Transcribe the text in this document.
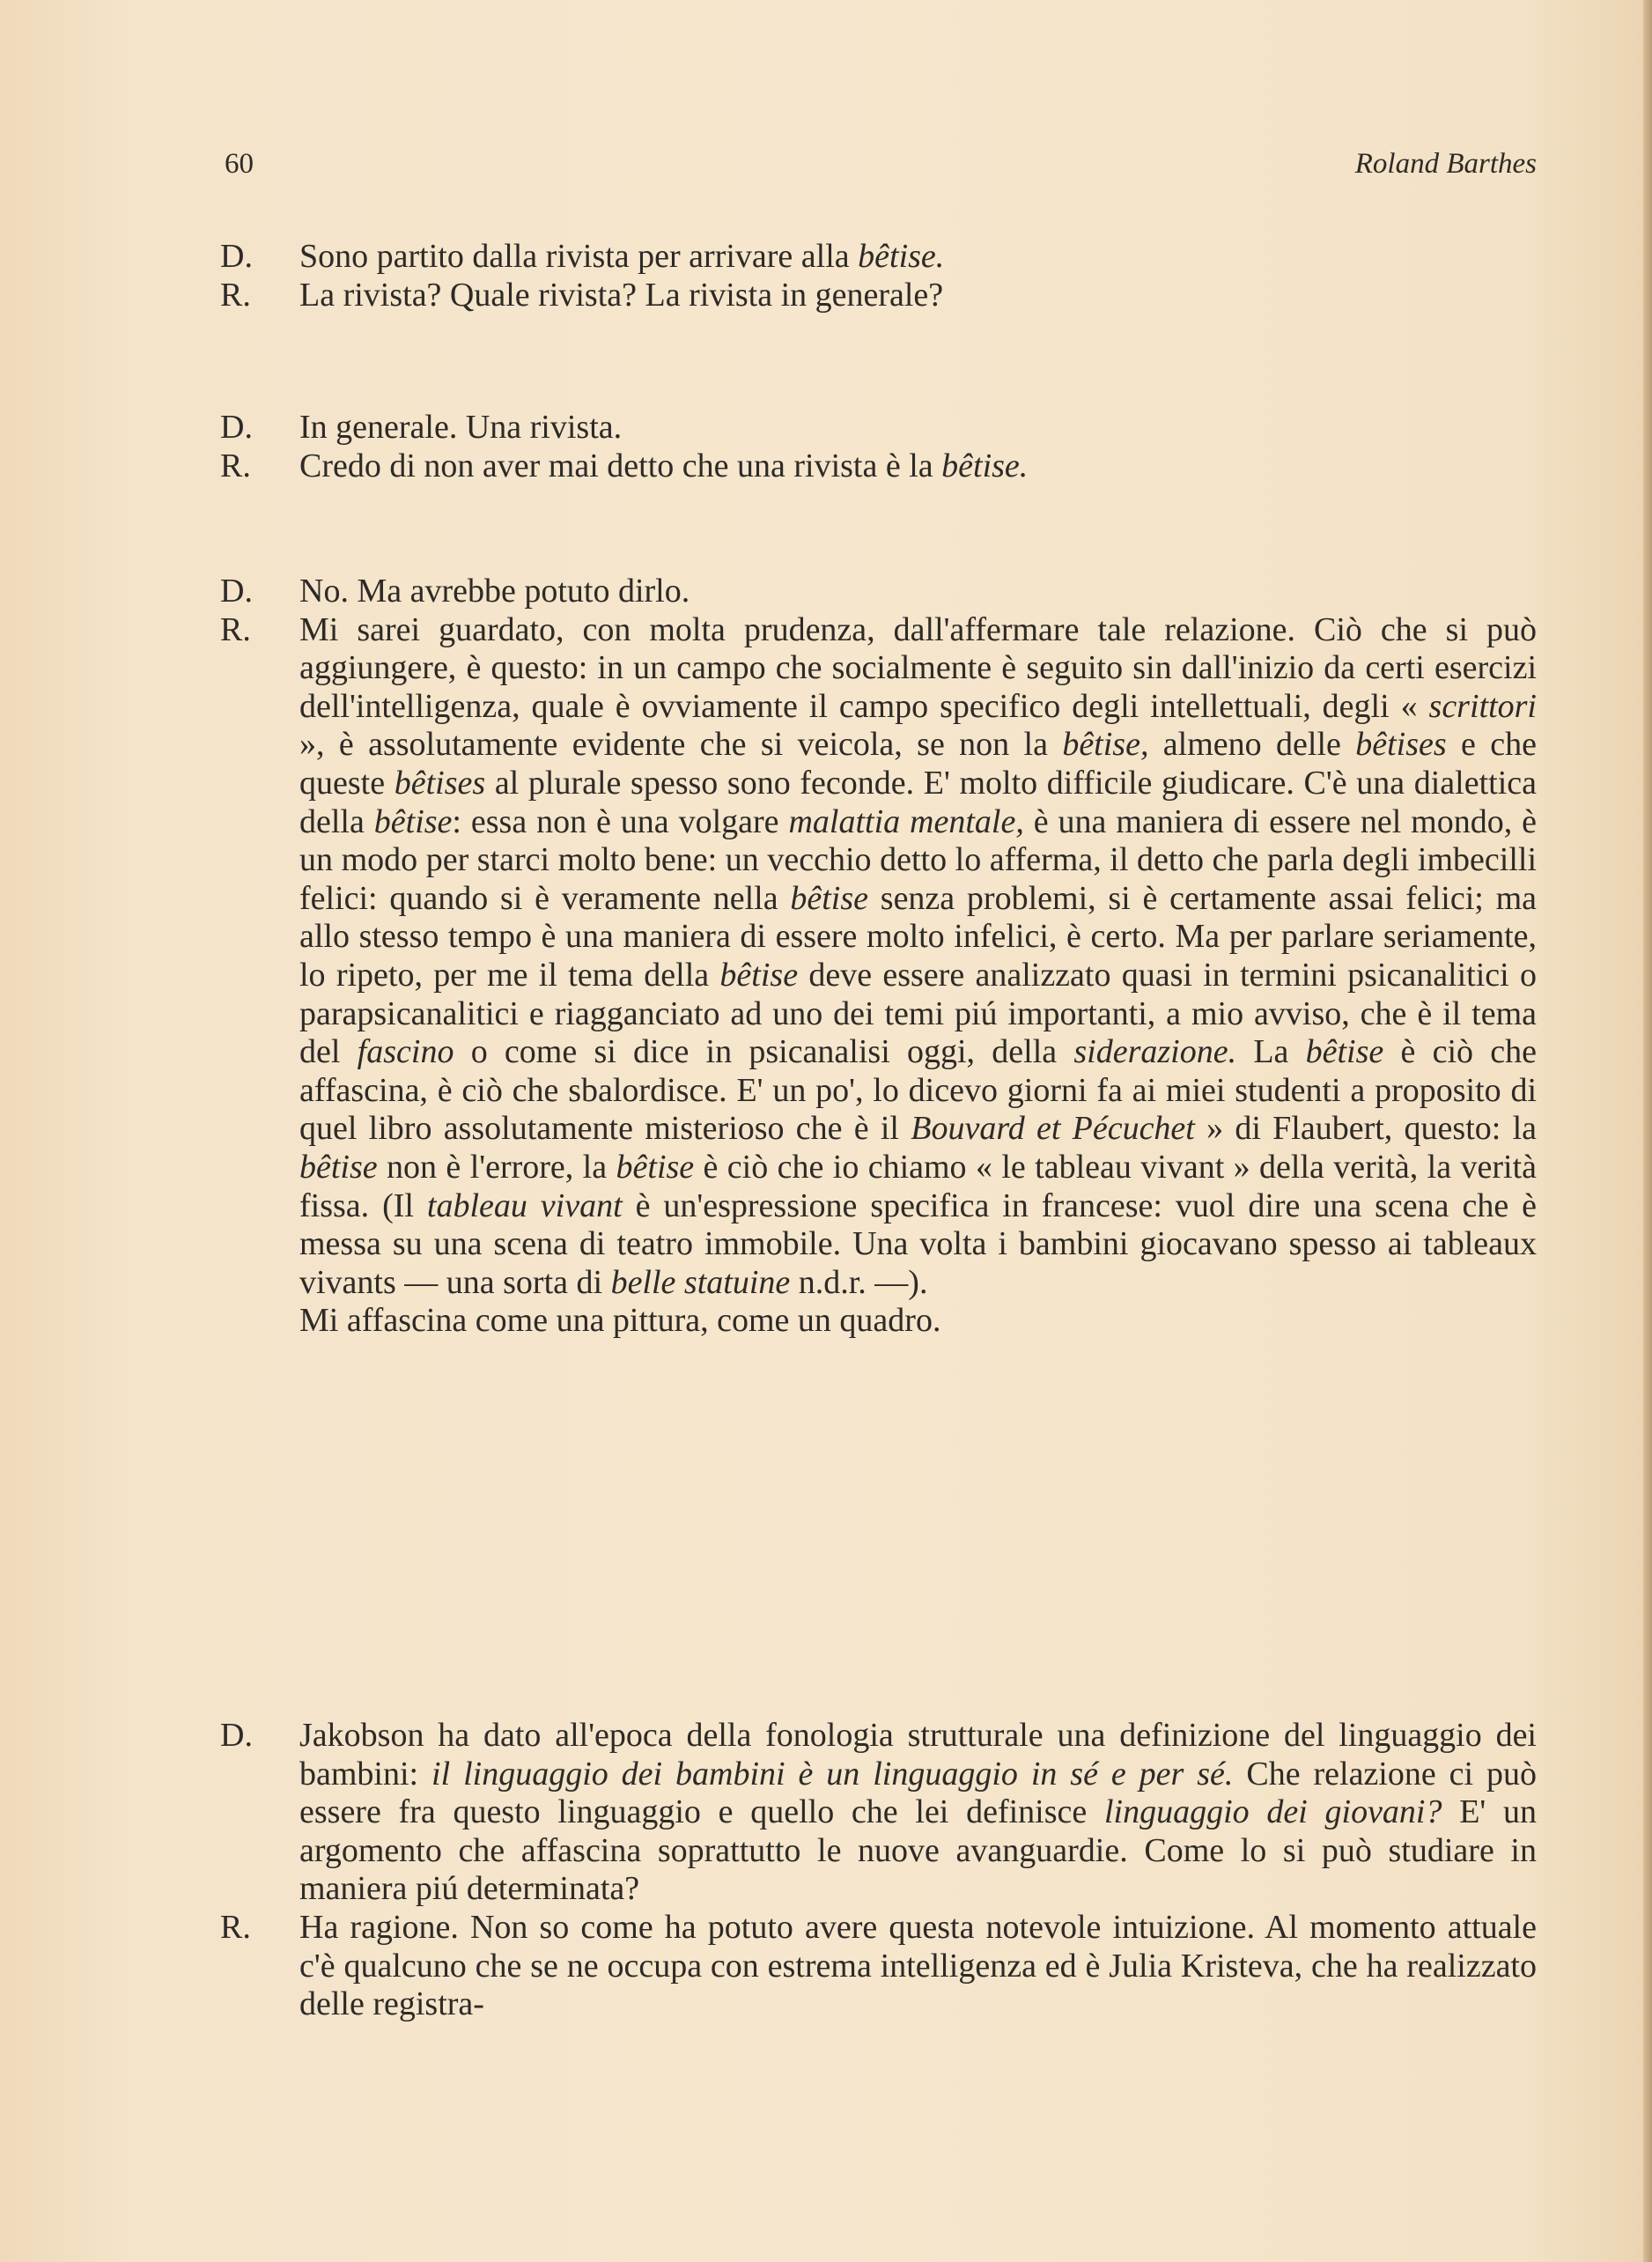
60	Roland Barthes
D.	Sono partito dalla rivista per arrivare alla bêtise.
R.	La rivista? Quale rivista? La rivista in generale?
D.	In generale. Una rivista.
R.	Credo di non aver mai detto che una rivista è la bêtise.
D.	No. Ma avrebbe potuto dirlo.
R.	Mi sarei guardato, con molta prudenza, dall'affermare tale relazione. Ciò che si può aggiungere, è questo: in un campo che socialmente è seguito sin dall'inizio da certi esercizi dell'intelligenza, quale è ovviamente il campo specifico degli intellettuali, degli « scrittori », è assolutamente evidente che si veicola, se non la bêtise, almeno delle bêtises e che queste bêtises al plurale spesso sono feconde. E' molto difficile giudicare. C'è una dialettica della bêtise: essa non è una volgare malattia mentale, è una maniera di essere nel mondo, è un modo per starci molto bene: un vecchio detto lo afferma, il detto che parla degli imbecilli felici: quando si è veramente nella bêtise senza problemi, si è certamente assai felici; ma allo stesso tempo è una maniera di essere molto infelici, è certo. Ma per parlare seriamente, lo ripeto, per me il tema della bêtise deve essere analizzato quasi in termini psicanalitici o parapsicanalitici e riagganciato ad uno dei temi piú importanti, a mio avviso, che è il tema del fascino o come si dice in psicanalisi oggi, della siderazione. La bêtise è ciò che affascina, è ciò che sbalordisce. E' un po', lo dicevo giorni fa ai miei studenti a proposito di quel libro assolutamente misterioso che è il Bouvard et Pécuchet » di Flaubert, questo: la bêtise non è l'errore, la bêtise è ciò che io chiamo « le tableau vivant » della verità, la verità fissa. (Il tableau vivant è un'espressione specifica in francese: vuol dire una scena che è messa su una scena di teatro immobile. Una volta i bambini giocavano spesso ai tableaux vivants — una sorta di belle statuine n.d.r. —).
Mi affascina come una pittura, come un quadro.
D.	Jakobson ha dato all'epoca della fonologia strutturale una definizione del linguaggio dei bambini: il linguaggio dei bambini è un linguaggio in sé e per sé. Che relazione ci può essere fra questo linguaggio e quello che lei definisce linguaggio dei giovani? E' un argomento che affascina soprattutto le nuove avanguardie. Come lo si può studiare in maniera piú determinata?
R.	Ha ragione. Non so come ha potuto avere questa notevole intuizione. Al momento attuale c'è qualcuno che se ne occupa con estrema intelligenza ed è Julia Kristeva, che ha realizzato delle registra-
